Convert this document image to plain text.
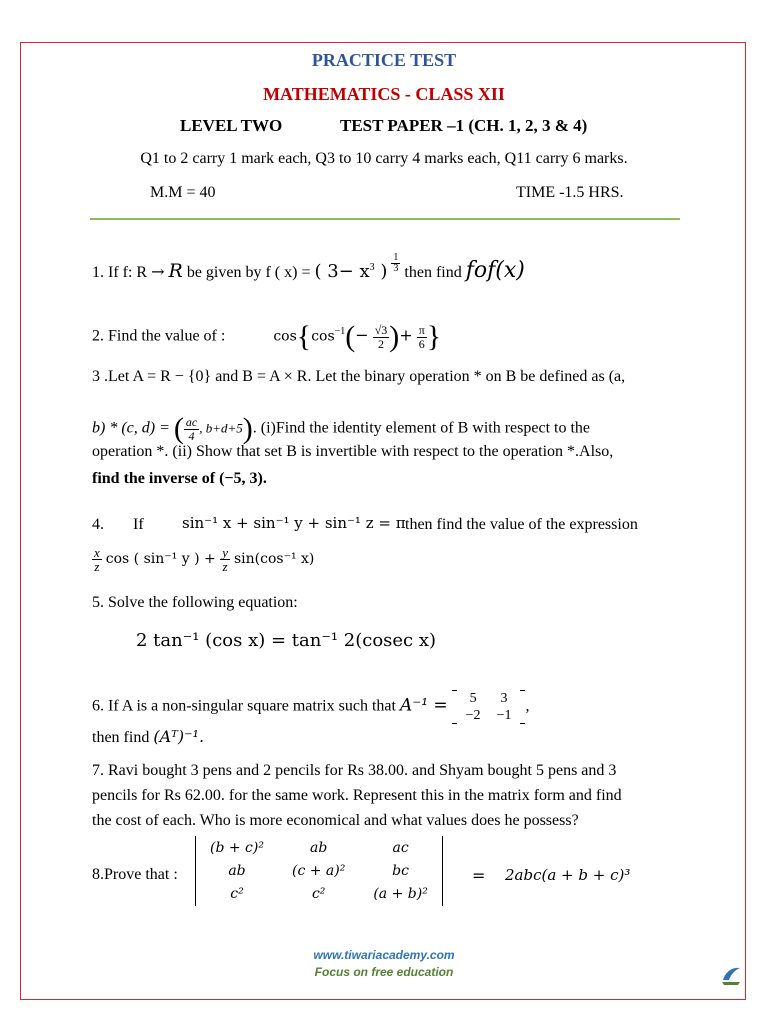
PRACTICE TEST
MATHEMATICS - CLASS XII
LEVEL TWO	TEST PAPER –1 (CH. 1, 2, 3 & 4)
Q1 to 2 carry 1 mark each, Q3 to 10 carry 4 marks each, Q11 carry 6 marks.
M.M = 40	TIME -1.5 HRS.
1. If f: R → R be given by f ( x) = ( $3- x^3$ ) $\frac{1}{3}$ then find fof(x)
2. Find the value of :	$\cos\{\cos^{-1}(- \frac{√3}{2}$ )+ $\frac{\pi}{6}$ }
3 .Let A = R − {0} and B = A × R. Let the binary operation * on B be defined as (a,
b) * (c, d) = ( $\frac{ac}{4}$ , b+d+5). (i)Find the identity element of B with respect to the
operation *. (ii) Show that set B is invertible with respect to the operation *.Also,
find the inverse of (−5, 3).
4. If	sin⁻¹ x + sin⁻¹ y + sin⁻¹ z = π then find the value of the expression
$\frac{x}{z}$ cos ( sin⁻¹ y ) + $\frac{y}{z} \sin(\cos^{-1}$ x)
5. Solve the following equation:
2 tan⁻¹ (cos x) = tan⁻¹ 2(cosec x)
6. If A is a non-singular square matrix such that A⁻¹ = 5	3
−2	−1
,
then find (Aᵀ)⁻¹.
7. Ravi bought 3 pens and 2 pencils for Rs 38.00. and Shyam bought 5 pens and 3
pencils for Rs 62.00. for the same work. Represent this in the matrix form and find
the cost of each. Who is more economical and what values does he possess?
8.Prove that :
(b + c)²	ab	ac
ab	(c + a)²	bc
c²	c²	(a + b)²
= 2abc(a + b + c)³
www.tiwariacademy.com
Focus on free education
